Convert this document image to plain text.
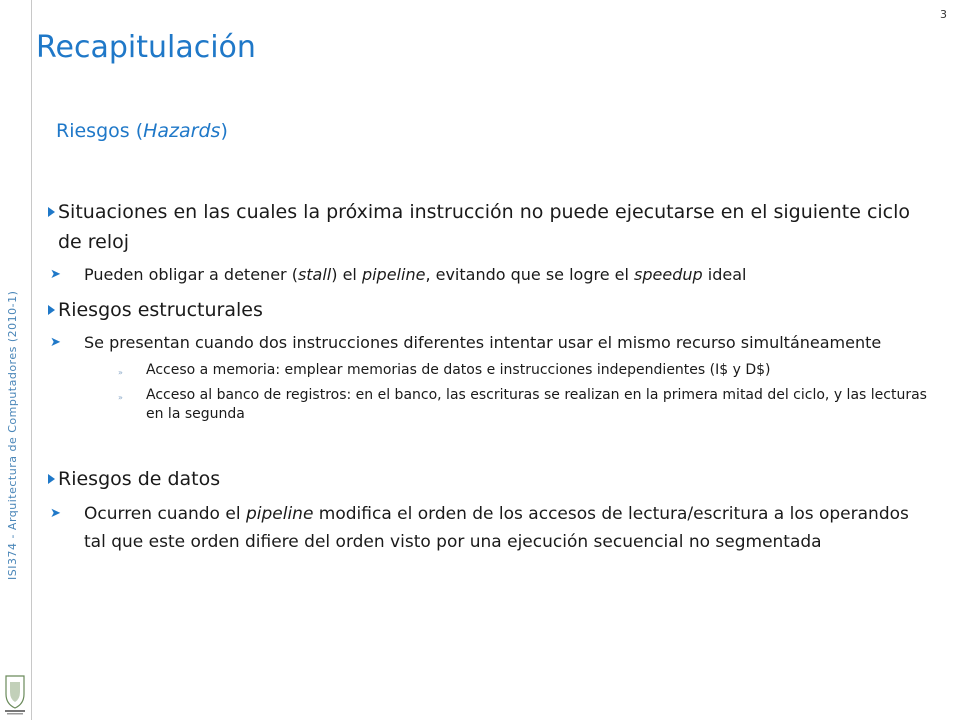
ISI374 - Arquitectura de Computadores (2010-1)
3
Recapitulación
Riesgos (Hazards)
Situaciones en las cuales la próxima instrucción no puede ejecutarse en el siguiente ciclo de reloj
➤ Pueden obligar a detener (stall) el pipeline, evitando que se logre el speedup ideal
Riesgos estructurales
➤ Se presentan cuando dos instrucciones diferentes intentar usar el mismo recurso simultáneamente
» Acceso a memoria: emplear memorias de datos e instrucciones independientes (I$ y D$)
» Acceso al banco de registros: en el banco, las escrituras se realizan en la primera mitad del ciclo, y las lecturas en la segunda
Riesgos de datos
➤ Ocurren cuando el pipeline modifica el orden de los accesos de lectura/escritura a los operandos tal que este orden difiere del orden visto por una ejecución secuencial no segmentada
